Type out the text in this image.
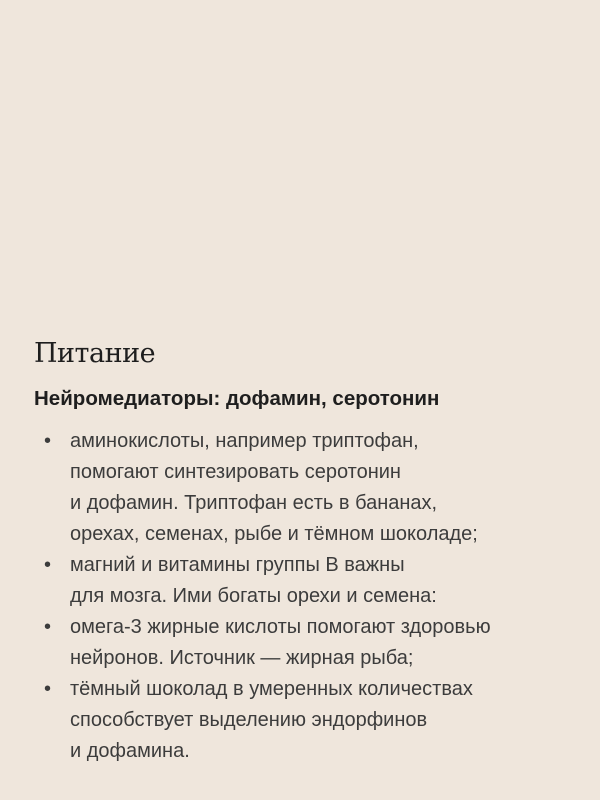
Питание
Нейромедиаторы: дофамин, серотонин
• аминокислоты, например триптофан,
помогают синтезировать серотонин
и дофамин. Триптофан есть в бананах,
орехах, семенах, рыбе и тёмном шоколаде;
• магний и витамины группы В важны
для мозга. Ими богаты орехи и семена:
• омега-3 жирные кислоты помогают здоровью
нейронов. Источник — жирная рыба;
• тёмный шоколад в умеренных количествах
способствует выделению эндорфинов
и дофамина.
